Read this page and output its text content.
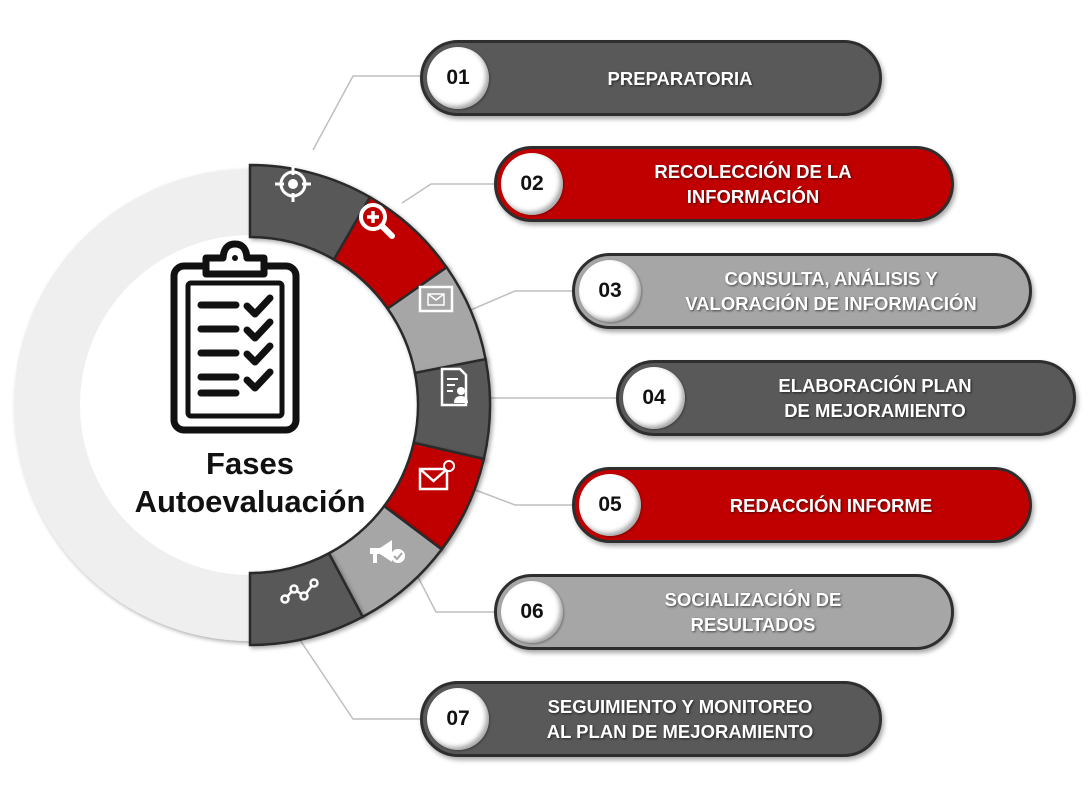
Fases
Autoevaluación
01	PREPARATORIA
02
RECOLECCIÓN DE LA
INFORMACIÓN
03
CONSULTA, ANÁLISIS Y
VALORACIÓN DE INFORMACIÓN
04
ELABORACIÓN PLAN
DE MEJORAMIENTO
05	REDACCIÓN INFORME
06
SOCIALIZACIÓN DE
RESULTADOS
07
SEGUIMIENTO Y MONITOREO
AL PLAN DE MEJORAMIENTO
